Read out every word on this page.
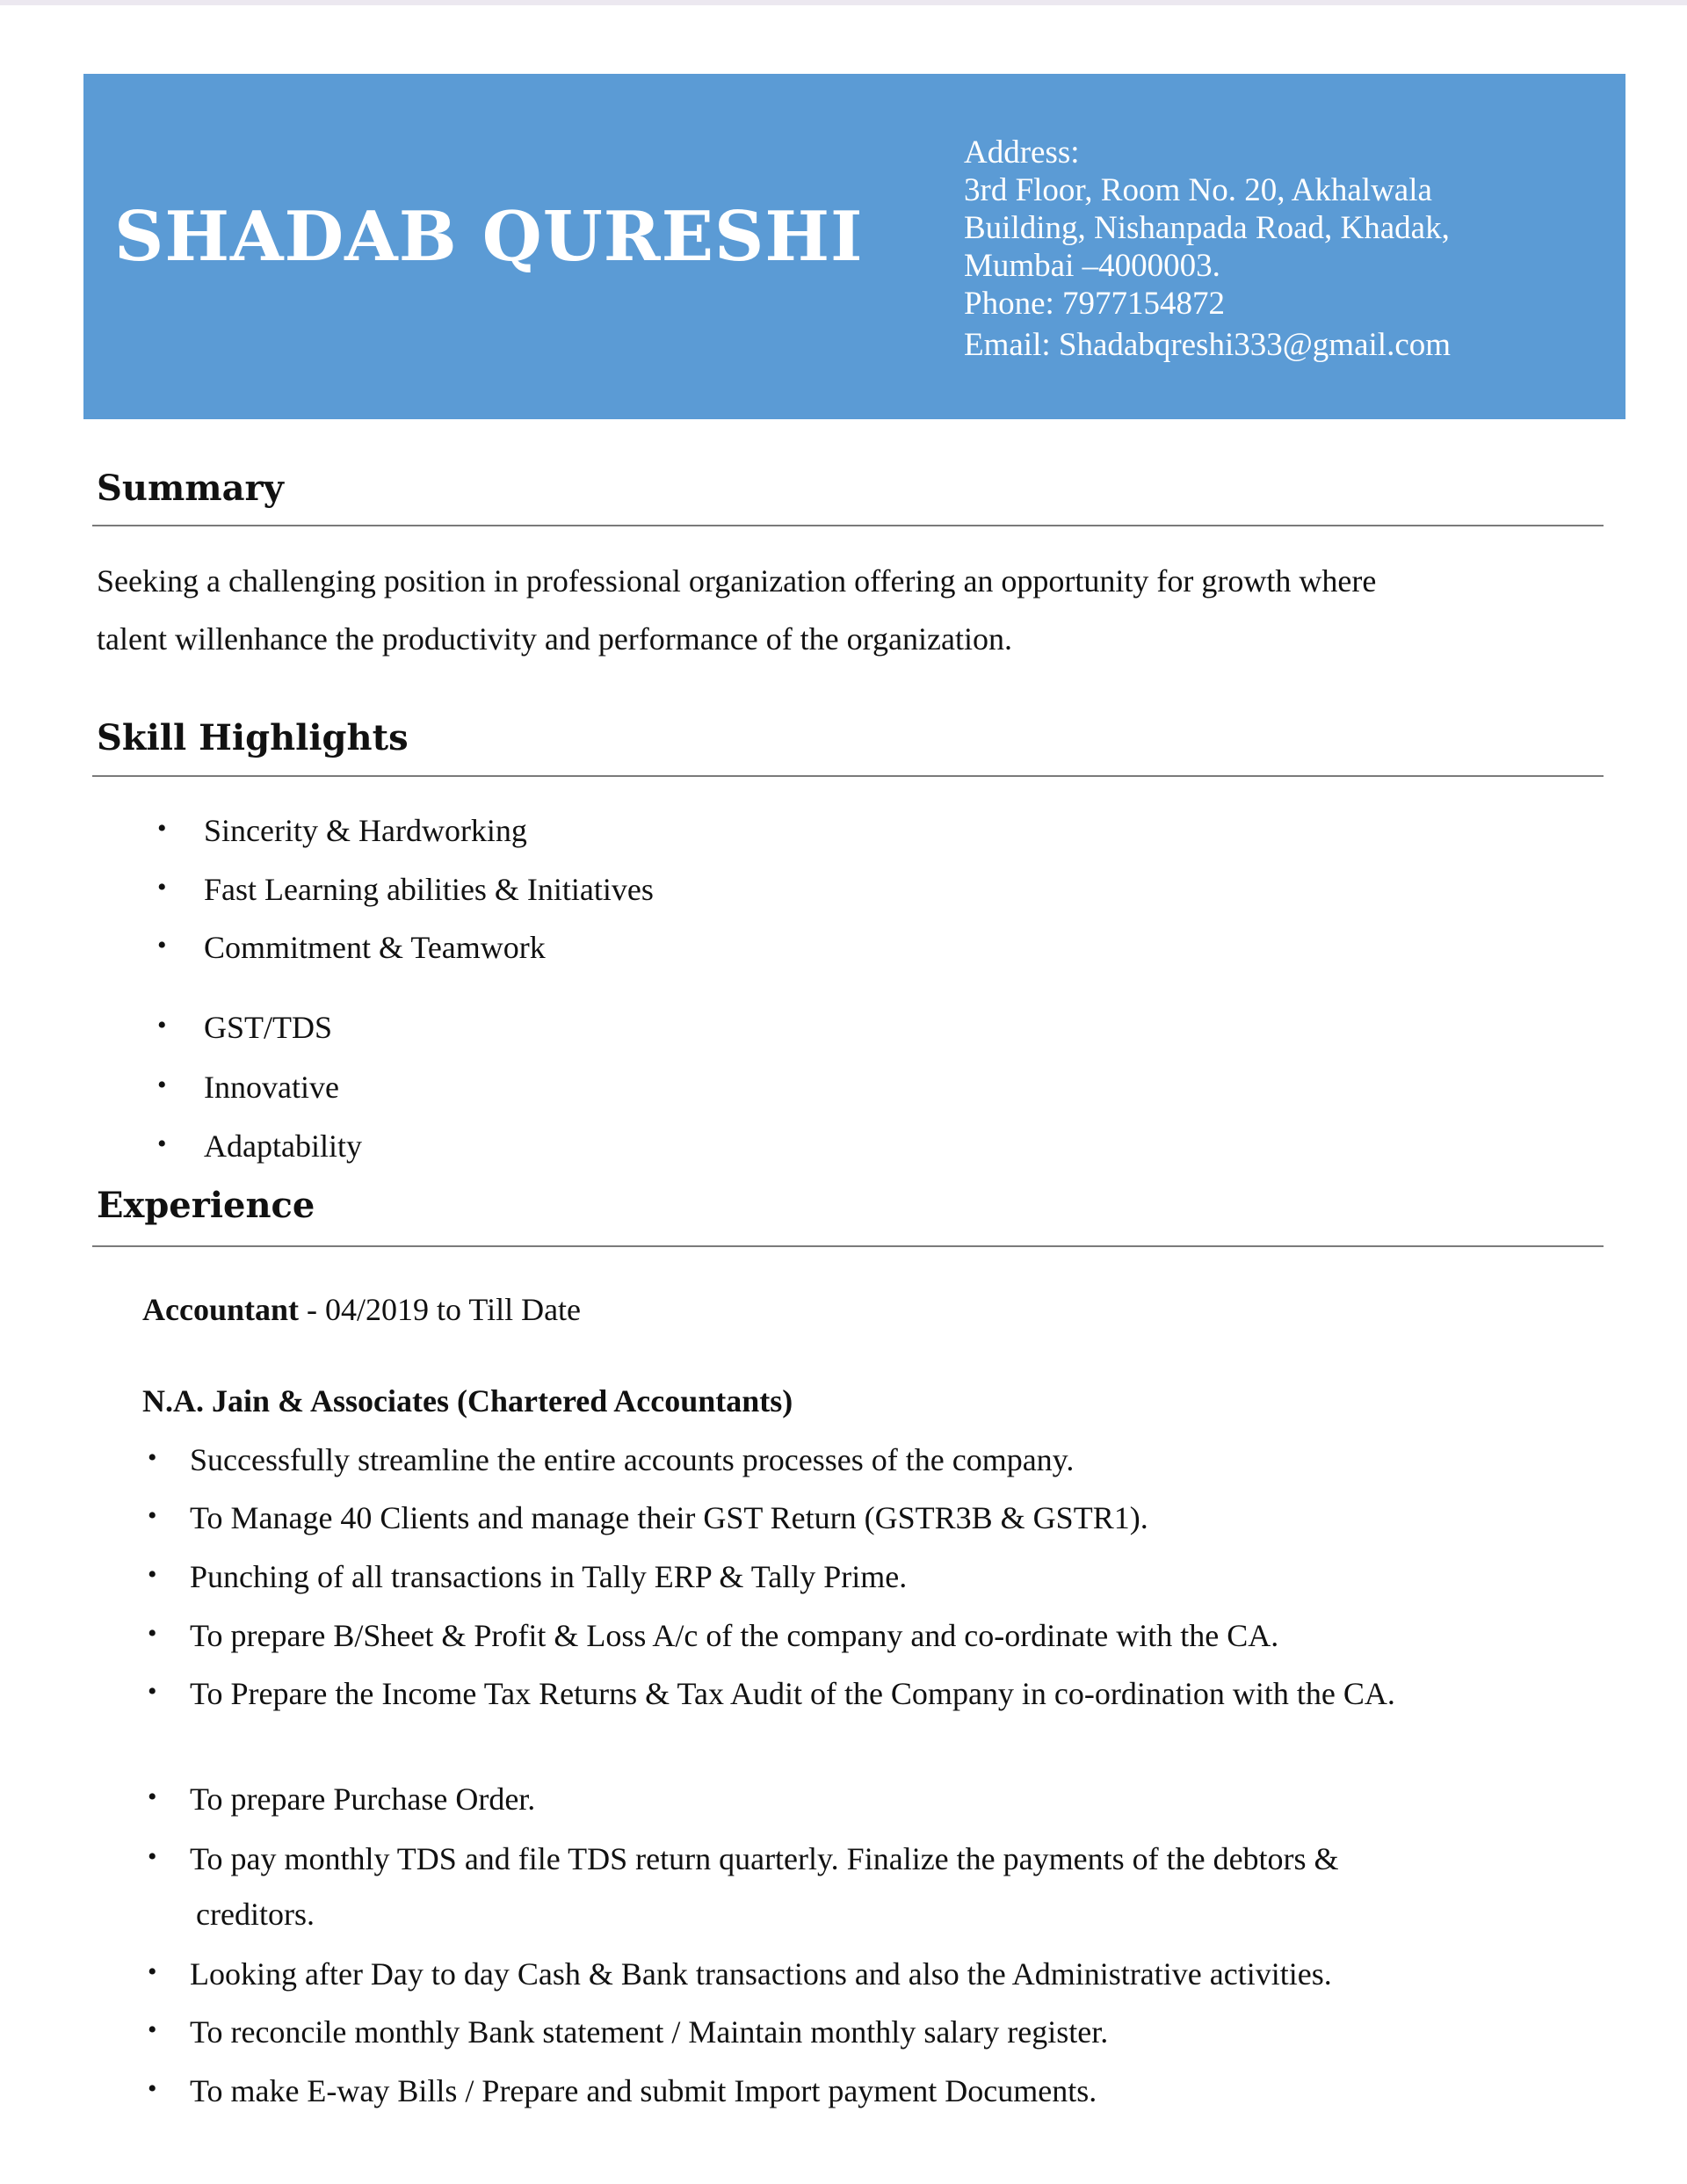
SHADAB QURESHI
Address:
3rd Floor, Room No. 20, Akhalwala
Building, Nishanpada Road, Khadak,
Mumbai –4000003.
Phone: 7977154872
Email: Shadabqreshi333@gmail.com
Summary
Seeking a challenging position in professional organization offering an opportunity for growth where
talent willenhance the productivity and performance of the organization.
Skill Highlights
• Sincerity & Hardworking
• Fast Learning abilities & Initiatives
• Commitment & Teamwork
• GST/TDS
• Innovative
• Adaptability
Experience
Accountant - 04/2019 to Till Date
N.A. Jain & Associates (Chartered Accountants)
• Successfully streamline the entire accounts processes of the company.
• To Manage 40 Clients and manage their GST Return (GSTR3B & GSTR1).
• Punching of all transactions in Tally ERP & Tally Prime.
• To prepare B/Sheet & Profit & Loss A/c of the company and co-ordinate with the CA.
• To Prepare the Income Tax Returns & Tax Audit of the Company in co-ordination with the CA.
• To prepare Purchase Order.
• To pay monthly TDS and file TDS return quarterly. Finalize the payments of the debtors &
creditors.
• Looking after Day to day Cash & Bank transactions and also the Administrative activities.
• To reconcile monthly Bank statement / Maintain monthly salary register.
• To make E-way Bills / Prepare and submit Import payment Documents.
